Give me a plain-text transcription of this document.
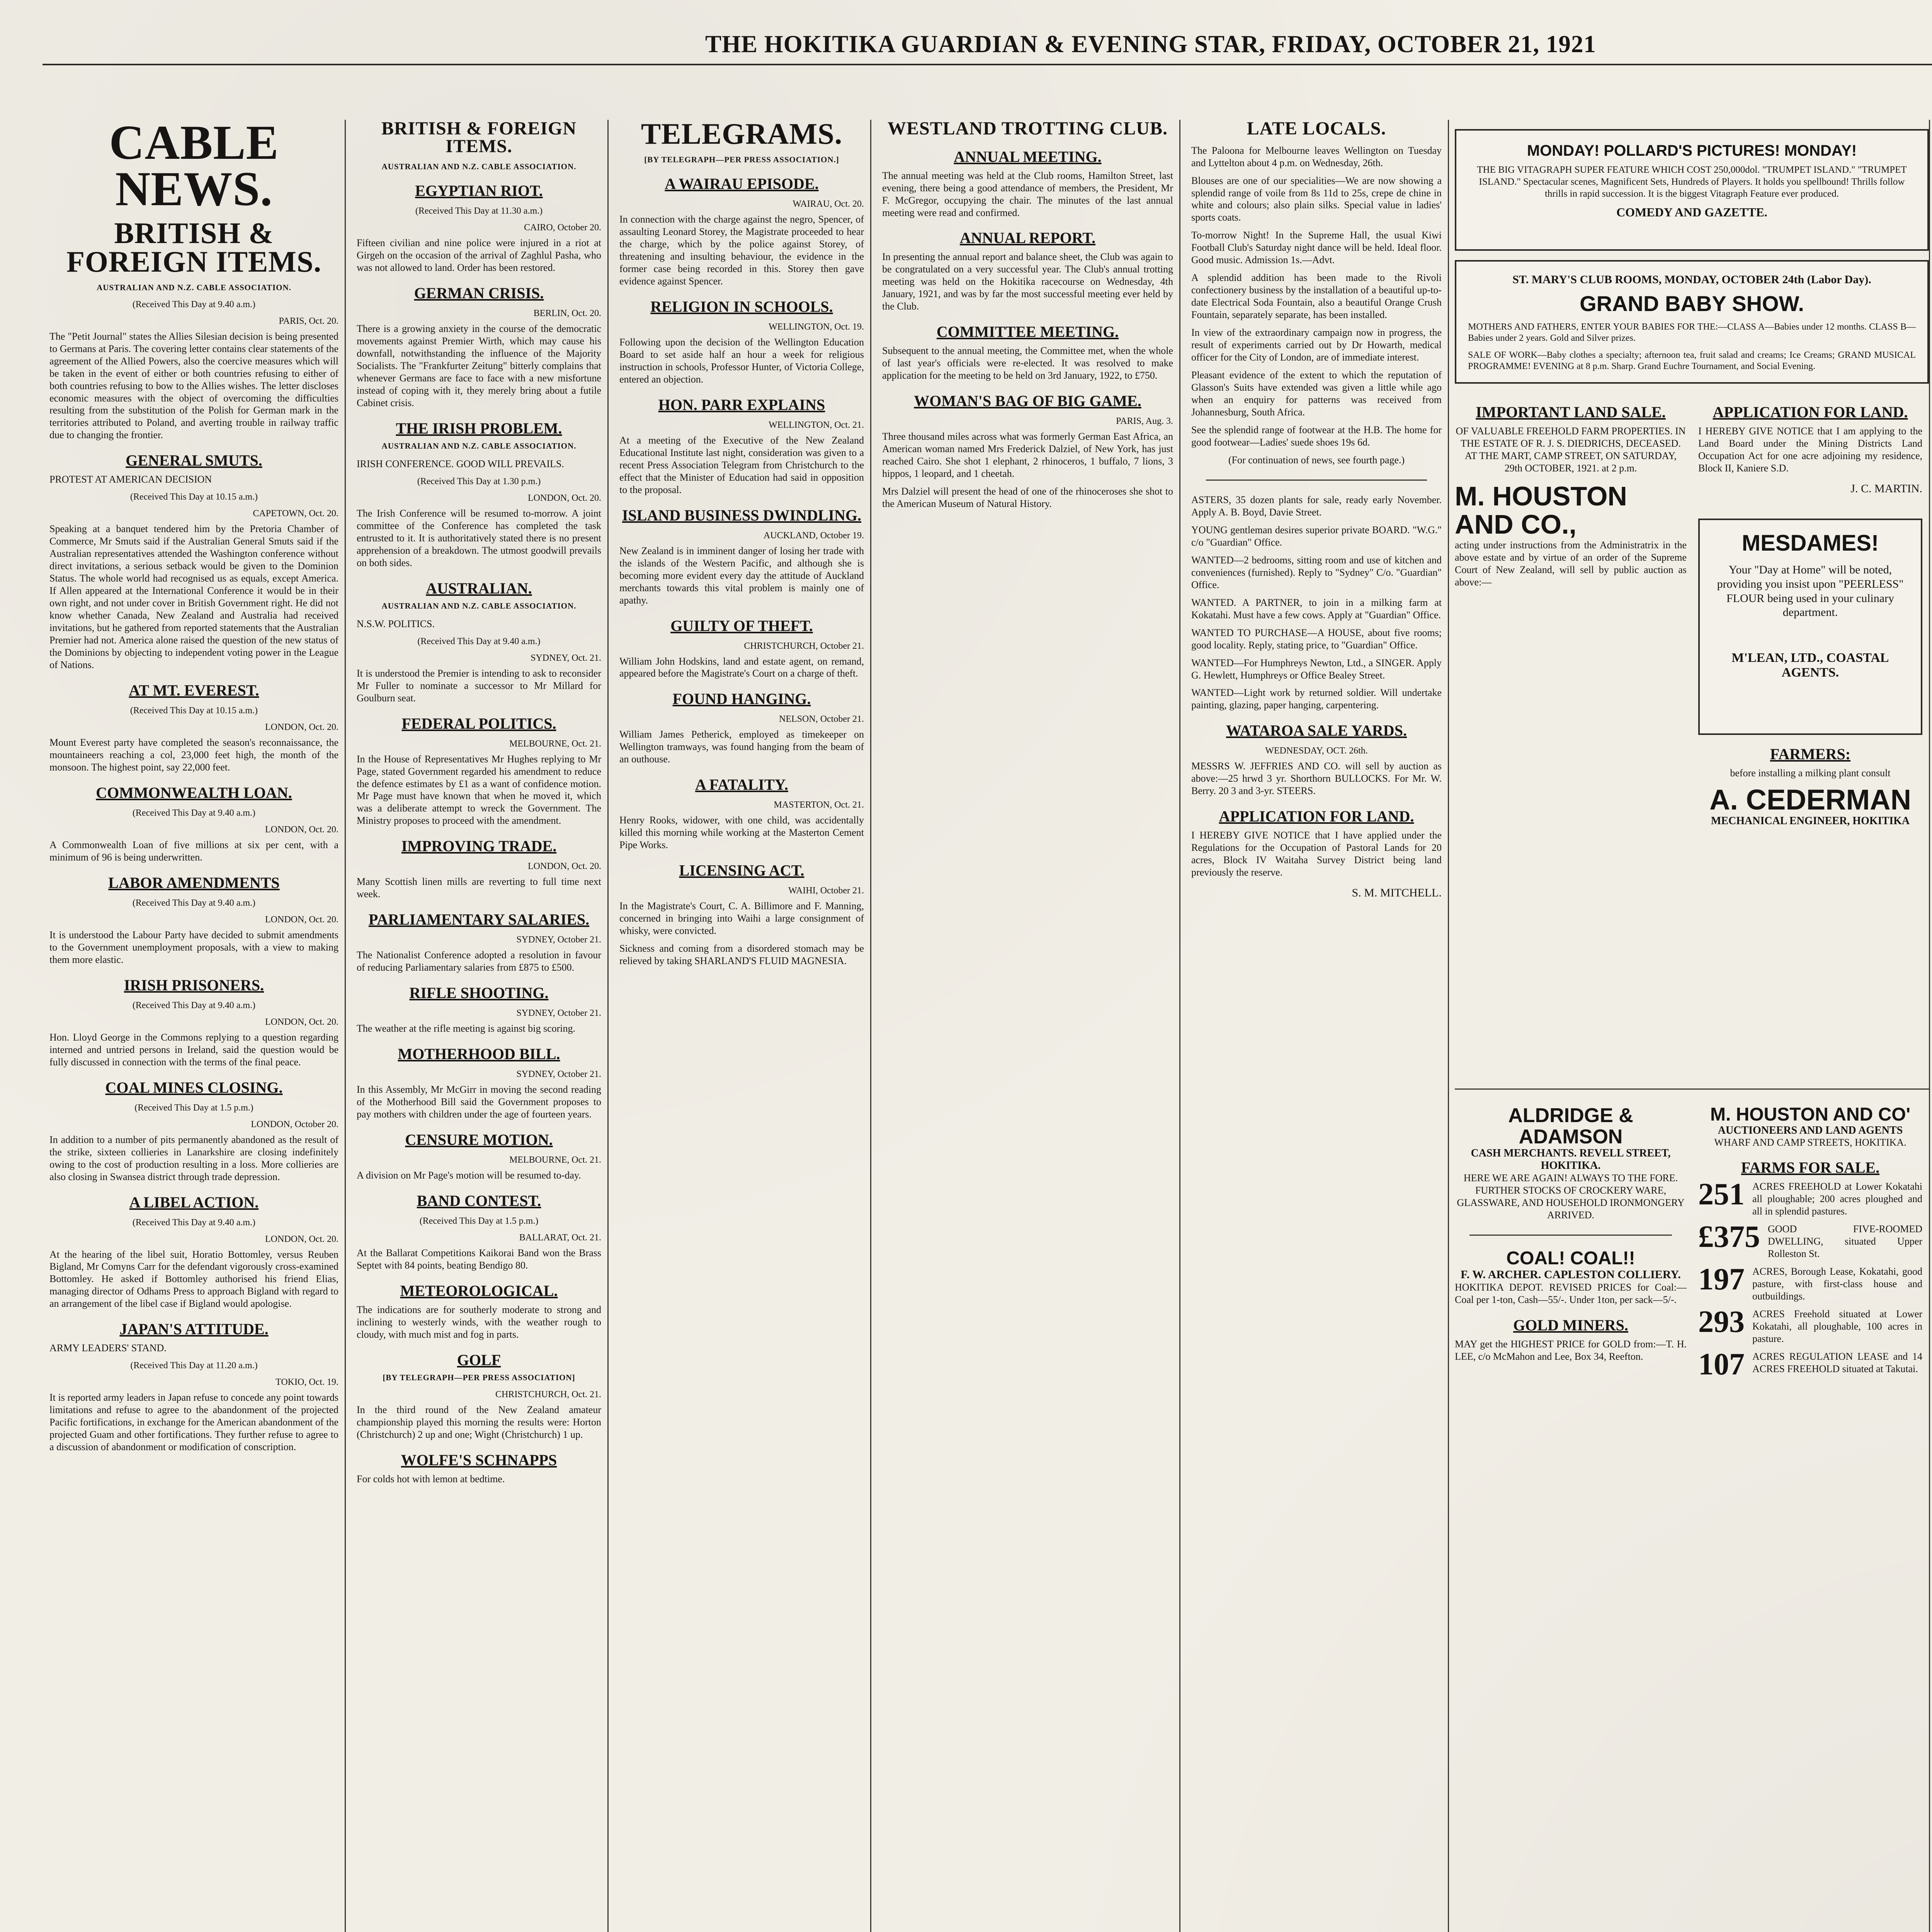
THE HOKITIKA GUARDIAN & EVENING STAR, FRIDAY, OCTOBER 21, 1921
CABLE NEWS.
BRITISH & FOREIGN ITEMS.
AUSTRALIAN AND N.Z. CABLE ASSOCIATION.
(Received This Day at 9.40 a.m.)
PARIS, Oct. 20.
The "Petit Journal" states the Allies Silesian decision is being presented to Germans at Paris. The covering letter contains clear statements of the agreement of the Allied Powers, also the coercive measures which will be taken in the event of either or both countries refusing to either of both countries refusing to bow to the Allies wishes. The letter discloses economic measures with the object of overcoming the difficulties resulting from the substitution of the Polish for German mark in the territories attributed to Poland, and averting trouble in railway traffic due to changing the frontier.
GENERAL SMUTS.
PROTEST AT AMERICAN DECISION
(Received This Day at 10.15 a.m.)
CAPETOWN, Oct. 20.
Speaking at a banquet tendered him by the Pretoria Chamber of Commerce, Mr Smuts said if the Australian General Smuts said if the Australian representatives attended the Washington conference without direct invitations, a serious setback would be given to the Dominion Status. The whole world had recognised us as equals, except America. If Allen appeared at the International Conference it would be in their own right, and not under cover in British Government right. He did not know whether Canada, New Zealand and Australia had received invitations, but he gathered from reported statements that the Australian Premier had not. America alone raised the question of the new status of the Dominions by objecting to independent voting power in the League of Nations.
AT MT. EVEREST.
(Received This Day at 10.15 a.m.)
LONDON, Oct. 20.
Mount Everest party have completed the season's reconnaissance, the mountaineers reaching a col, 23,000 feet high, the month of the monsoon. The highest point, say 22,000 feet.
COMMONWEALTH LOAN.
(Received This Day at 9.40 a.m.)
LONDON, Oct. 20.
A Commonwealth Loan of five millions at six per cent, with a minimum of 96 is being underwritten.
LABOR AMENDMENTS
(Received This Day at 9.40 a.m.)
LONDON, Oct. 20.
It is understood the Labour Party have decided to submit amendments to the Government unemployment proposals, with a view to making them more elastic.
IRISH PRISONERS.
(Received This Day at 9.40 a.m.)
LONDON, Oct. 20.
Hon. Lloyd George in the Commons replying to a question regarding interned and untried persons in Ireland, said the question would be fully discussed in connection with the terms of the final peace.
COAL MINES CLOSING.
(Received This Day at 1.5 p.m.)
LONDON, October 20.
In addition to a number of pits permanently abandoned as the result of the strike, sixteen collieries in Lanarkshire are closing indefinitely owing to the cost of production resulting in a loss. More collieries are also closing in Swansea district through trade depression.
A LIBEL ACTION.
(Received This Day at 9.40 a.m.)
LONDON, Oct. 20.
At the hearing of the libel suit, Horatio Bottomley, versus Reuben Bigland, Mr Comyns Carr for the defendant vigorously cross-examined Bottomley. He asked if Bottomley authorised his friend Elias, managing director of Odhams Press to approach Bigland with regard to an arrangement of the libel case if Bigland would apologise.
JAPAN'S ATTITUDE.
ARMY LEADERS' STAND.
(Received This Day at 11.20 a.m.)
TOKIO, Oct. 19.
It is reported army leaders in Japan refuse to concede any point towards limitations and refuse to agree to the abandonment of the projected Pacific fortifications, in exchange for the American abandonment of the projected Guam and other fortifications. They further refuse to agree to a discussion of abandonment or modification of conscription.
BRITISH & FOREIGN ITEMS.
AUSTRALIAN AND N.Z. CABLE ASSOCIATION.
EGYPTIAN RIOT.
(Received This Day at 11.30 a.m.)
CAIRO, October 20.
Fifteen civilian and nine police were injured in a riot at Girgeh on the occasion of the arrival of Zaghlul Pasha, who was not allowed to land. Order has been restored.
GERMAN CRISIS.
BERLIN, Oct. 20.
There is a growing anxiety in the course of the democratic movements against Premier Wirth, which may cause his downfall, notwithstanding the influence of the Majority Socialists. The "Frankfurter Zeitung" bitterly complains that whenever Germans are face to face with a new misfortune instead of coping with it, they merely bring about a futile Cabinet crisis.
THE IRISH PROBLEM.
AUSTRALIAN AND N.Z. CABLE ASSOCIATION.
IRISH CONFERENCE. GOOD WILL PREVAILS.
(Received This Day at 1.30 p.m.)
LONDON, Oct. 20.
The Irish Conference will be resumed to-morrow. A joint committee of the Conference has completed the task entrusted to it. It is authoritatively stated there is no present apprehension of a breakdown. The utmost goodwill prevails on both sides.
AUSTRALIAN.
AUSTRALIAN AND N.Z. CABLE ASSOCIATION.
N.S.W. POLITICS.
(Received This Day at 9.40 a.m.)
SYDNEY, Oct. 21.
It is understood the Premier is intending to ask to reconsider Mr Fuller to nominate a successor to Mr Millard for Goulburn seat.
FEDERAL POLITICS.
MELBOURNE, Oct. 21.
In the House of Representatives Mr Hughes replying to Mr Page, stated Government regarded his amendment to reduce the defence estimates by £1 as a want of confidence motion. Mr Page must have known that when he moved it, which was a deliberate attempt to wreck the Government. The Ministry proposes to proceed with the amendment.
IMPROVING TRADE.
LONDON, Oct. 20.
Many Scottish linen mills are reverting to full time next week.
PARLIAMENTARY SALARIES.
SYDNEY, October 21.
The Nationalist Conference adopted a resolution in favour of reducing Parliamentary salaries from £875 to £500.
RIFLE SHOOTING.
SYDNEY, October 21.
The weather at the rifle meeting is against big scoring.
MOTHERHOOD BILL.
SYDNEY, October 21.
In this Assembly, Mr McGirr in moving the second reading of the Motherhood Bill said the Government proposes to pay mothers with children under the age of fourteen years.
CENSURE MOTION.
MELBOURNE, Oct. 21.
A division on Mr Page's motion will be resumed to-day.
BAND CONTEST.
(Received This Day at 1.5 p.m.)
BALLARAT, Oct. 21.
At the Ballarat Competitions Kaikorai Band won the Brass Septet with 84 points, beating Bendigo 80.
METEOROLOGICAL.
The indications are for southerly moderate to strong and inclining to westerly winds, with the weather rough to cloudy, with much mist and fog in parts.
GOLF
[BY TELEGRAPH—PER PRESS ASSOCIATION]
CHRISTCHURCH, Oct. 21.
In the third round of the New Zealand amateur championship played this morning the results were: Horton (Christchurch) 2 up and one; Wight (Christchurch) 1 up.
WOLFE'S SCHNAPPS
For colds hot with lemon at bedtime.
TELEGRAMS.
[BY TELEGRAPH—PER PRESS ASSOCIATION.]
A WAIRAU EPISODE.
WAIRAU, Oct. 20.
In connection with the charge against the negro, Spencer, of assaulting Leonard Storey, the Magistrate proceeded to hear the charge, which by the police against Storey, of threatening and insulting behaviour, the evidence in the former case being recorded in this. Storey then gave evidence against Spencer.
RELIGION IN SCHOOLS.
WELLINGTON, Oct. 19.
Following upon the decision of the Wellington Education Board to set aside half an hour a week for religious instruction in schools, Professor Hunter, of Victoria College, entered an objection.
HON. PARR EXPLAINS
WELLINGTON, Oct. 21.
At a meeting of the Executive of the New Zealand Educational Institute last night, consideration was given to a recent Press Association Telegram from Christchurch to the effect that the Minister of Education had said in opposition to the proposal.
ISLAND BUSINESS DWINDLING.
AUCKLAND, October 19.
New Zealand is in imminent danger of losing her trade with the islands of the Western Pacific, and although she is becoming more evident every day the attitude of Auckland merchants towards this vital problem is mainly one of apathy.
GUILTY OF THEFT.
CHRISTCHURCH, October 21.
William John Hodskins, land and estate agent, on remand, appeared before the Magistrate's Court on a charge of theft.
FOUND HANGING.
NELSON, October 21.
William James Petherick, employed as timekeeper on Wellington tramways, was found hanging from the beam of an outhouse.
A FATALITY.
MASTERTON, Oct. 21.
Henry Rooks, widower, with one child, was accidentally killed this morning while working at the Masterton Cement Pipe Works.
LICENSING ACT.
WAIHI, October 21.
In the Magistrate's Court, C. A. Billimore and F. Manning, concerned in bringing into Waihi a large consignment of whisky, were convicted.
Sickness and coming from a disordered stomach may be relieved by taking SHARLAND'S FLUID MAGNESIA.
WESTLAND TROTTING CLUB.
ANNUAL MEETING.
The annual meeting was held at the Club rooms, Hamilton Street, last evening, there being a good attendance of members, the President, Mr F. McGregor, occupying the chair. The minutes of the last annual meeting were read and confirmed.
ANNUAL REPORT.
In presenting the annual report and balance sheet, the Club was again to be congratulated on a very successful year. The Club's annual trotting meeting was held on the Hokitika racecourse on Wednesday, 4th January, 1921, and was by far the most successful meeting ever held by the Club.
COMMITTEE MEETING.
Subsequent to the annual meeting, the Committee met, when the whole of last year's officials were re-elected. It was resolved to make application for the meeting to be held on 3rd January, 1922, to £750.
WOMAN'S BAG OF BIG GAME.
PARIS, Aug. 3.
Three thousand miles across what was formerly German East Africa, an American woman named Mrs Frederick Dalziel, of New York, has just reached Cairo. She shot 1 elephant, 2 rhinoceros, 1 buffalo, 7 lions, 3 hippos, 1 leopard, and 1 cheetah.
Mrs Dalziel will present the head of one of the rhinoceroses she shot to the American Museum of Natural History.
LATE LOCALS.
The Paloona for Melbourne leaves Wellington on Tuesday and Lyttelton about 4 p.m. on Wednesday, 26th.
Blouses are one of our specialities—We are now showing a splendid range of voile from 8s 11d to 25s, crepe de chine in white and colours; also plain silks. Special value in ladies' sports coats.
To-morrow Night! In the Supreme Hall, the usual Kiwi Football Club's Saturday night dance will be held. Ideal floor. Good music. Admission 1s.—Advt.
A splendid addition has been made to the Rivoli confectionery business by the installation of a beautiful up-to-date Electrical Soda Fountain, also a beautiful Orange Crush Fountain, separately separate, has been installed.
In view of the extraordinary campaign now in progress, the result of experiments carried out by Dr Howarth, medical officer for the City of London, are of immediate interest.
Pleasant evidence of the extent to which the reputation of Glasson's Suits have extended was given a little while ago when an enquiry for patterns was received from Johannesburg, South Africa.
See the splendid range of footwear at the H.B. The home for good footwear—Ladies' suede shoes 19s 6d.
(For continuation of news, see fourth page.)
ASTERS, 35 dozen plants for sale, ready early November. Apply A. B. Boyd, Davie Street.
YOUNG gentleman desires superior private BOARD. "W.G." c/o "Guardian" Office.
WANTED—2 bedrooms, sitting room and use of kitchen and conveniences (furnished). Reply to "Sydney" C/o. "Guardian" Office.
WANTED. A PARTNER, to join in a milking farm at Kokatahi. Must have a few cows. Apply at "Guardian" Office.
WANTED TO PURCHASE—A HOUSE, about five rooms; good locality. Reply, stating price, to "Guardian" Office.
WANTED—For Humphreys Newton, Ltd., a SINGER. Apply G. Hewlett, Humphreys or Office Bealey Street.
WANTED—Light work by returned soldier. Will undertake painting, glazing, paper hanging, carpentering.
WATAROA SALE YARDS.
WEDNESDAY, OCT. 26th.
MESSRS W. JEFFRIES AND CO. will sell by auction as above:—25 hrwd 3 yr. Shorthorn BULLOCKS. For Mr. W. Berry. 20 3 and 3-yr. STEERS.
APPLICATION FOR LAND.
I HEREBY GIVE NOTICE that I have applied under the Regulations for the Occupation of Pastoral Lands for 20 acres, Block IV Waitaha Survey District being land previously the reserve.
S. M. MITCHELL.
MONDAY! POLLARD'S PICTURES! MONDAY!
THE BIG VITAGRAPH SUPER FEATURE WHICH COST 250,000dol. "TRUMPET ISLAND." "TRUMPET ISLAND." Spectacular scenes, Magnificent Sets, Hundreds of Players. It holds you spellbound! Thrills follow thrills in rapid succession. It is the biggest Vitagraph Feature ever produced.
COMEDY AND GAZETTE.
ST. MARY'S CLUB ROOMS, MONDAY, OCTOBER 24th (Labor Day).
GRAND BABY SHOW.
MOTHERS AND FATHERS, ENTER YOUR BABIES FOR THE:—CLASS A—Babies under 12 months. CLASS B—Babies under 2 years. Gold and Silver prizes.
SALE OF WORK—Baby clothes a specialty; afternoon tea, fruit salad and creams; Ice Creams; GRAND MUSICAL PROGRAMME! EVENING at 8 p.m. Sharp. Grand Euchre Tournament, and Social Evening.
IMPORTANT LAND SALE.
OF VALUABLE FREEHOLD FARM PROPERTIES. IN THE ESTATE OF R. J. S. DIEDRICHS, DECEASED. AT THE MART, CAMP STREET, ON SATURDAY, 29th OCTOBER, 1921. at 2 p.m.
M. HOUSTON AND CO.,
acting under instructions from the Administratrix in the above estate and by virtue of an order of the Supreme Court of New Zealand, will sell by public auction as above:—
APPLICATION FOR LAND.
I HEREBY GIVE NOTICE that I am applying to the Land Board under the Mining Districts Land Occupation Act for one acre adjoining my residence, Block II, Kaniere S.D.
J. C. MARTIN.
MESDAMES!
Your "Day at Home" will be noted, providing you insist upon "PEERLESS" FLOUR being used in your culinary department.
M'LEAN, LTD., COASTAL AGENTS.
FARMERS:
before installing a milking plant consult
A. CEDERMAN
MECHANICAL ENGINEER, HOKITIKA
ALDRIDGE & ADAMSON
CASH MERCHANTS. REVELL STREET, HOKITIKA.
HERE WE ARE AGAIN! ALWAYS TO THE FORE. FURTHER STOCKS OF CROCKERY WARE, GLASSWARE, AND HOUSEHOLD IRONMONGERY ARRIVED.
COAL! COAL!!
F. W. ARCHER. CAPLESTON COLLIERY.
HOKITIKA DEPOT. REVISED PRICES for Coal:—Coal per 1-ton, Cash—55/-. Under 1ton, per sack—5/-.
GOLD MINERS.
MAY get the HIGHEST PRICE for GOLD from:—T. H. LEE, c/o McMahon and Lee, Box 34, Reefton.
M. HOUSTON AND CO'
AUCTIONEERS AND LAND AGENTS
WHARF AND CAMP STREETS, HOKITIKA.
FARMS FOR SALE.
251 ACRES FREEHOLD at Lower Kokatahi all ploughable; 200 acres ploughed and all in splendid pastures.
£375 GOOD FIVE-ROOMED DWELLING, situated Upper Rolleston St.
197 ACRES, Borough Lease, Kokatahi, good pasture, with first-class house and outbuildings.
293 ACRES Freehold situated at Lower Kokatahi, all ploughable, 100 acres in pasture.
107 ACRES REGULATION LEASE and 14 ACRES FREEHOLD situated at Takutai.
